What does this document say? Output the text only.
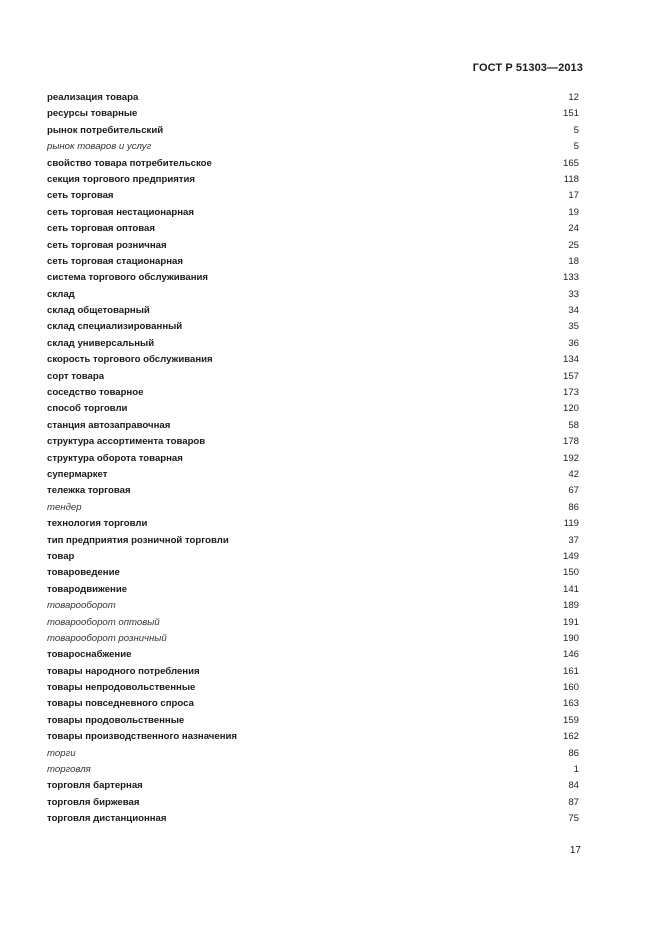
ГОСТ Р 51303—2013
реализация товара	12
ресурсы товарные	151
рынок потребительский	5
рынок товаров и услуг	5
свойство товара потребительское	165
секция торгового предприятия	118
сеть торговая	17
сеть торговая нестационарная	19
сеть торговая оптовая	24
сеть торговая розничная	25
сеть торговая стационарная	18
система торгового обслуживания	133
склад	33
склад общетоварный	34
склад специализированный	35
склад универсальный	36
скорость торгового обслуживания	134
сорт товара	157
соседство товарное	173
способ торговли	120
станция автозаправочная	58
структура ассортимента товаров	178
структура оборота товарная	192
супермаркет	42
тележка торговая	67
тендер	86
технология торговли	119
тип предприятия розничной торговли	37
товар	149
товароведение	150
товародвижение	141
товарооборот	189
товарооборот оптовый	191
товарооборот розничный	190
товароснабжение	146
товары народного потребления	161
товары непродовольственные	160
товары повседневного спроса	163
товары продовольственные	159
товары производственного назначения	162
торги	86
торговля	1
торговля бартерная	84
торговля биржевая	87
торговля дистанционная	75
17
